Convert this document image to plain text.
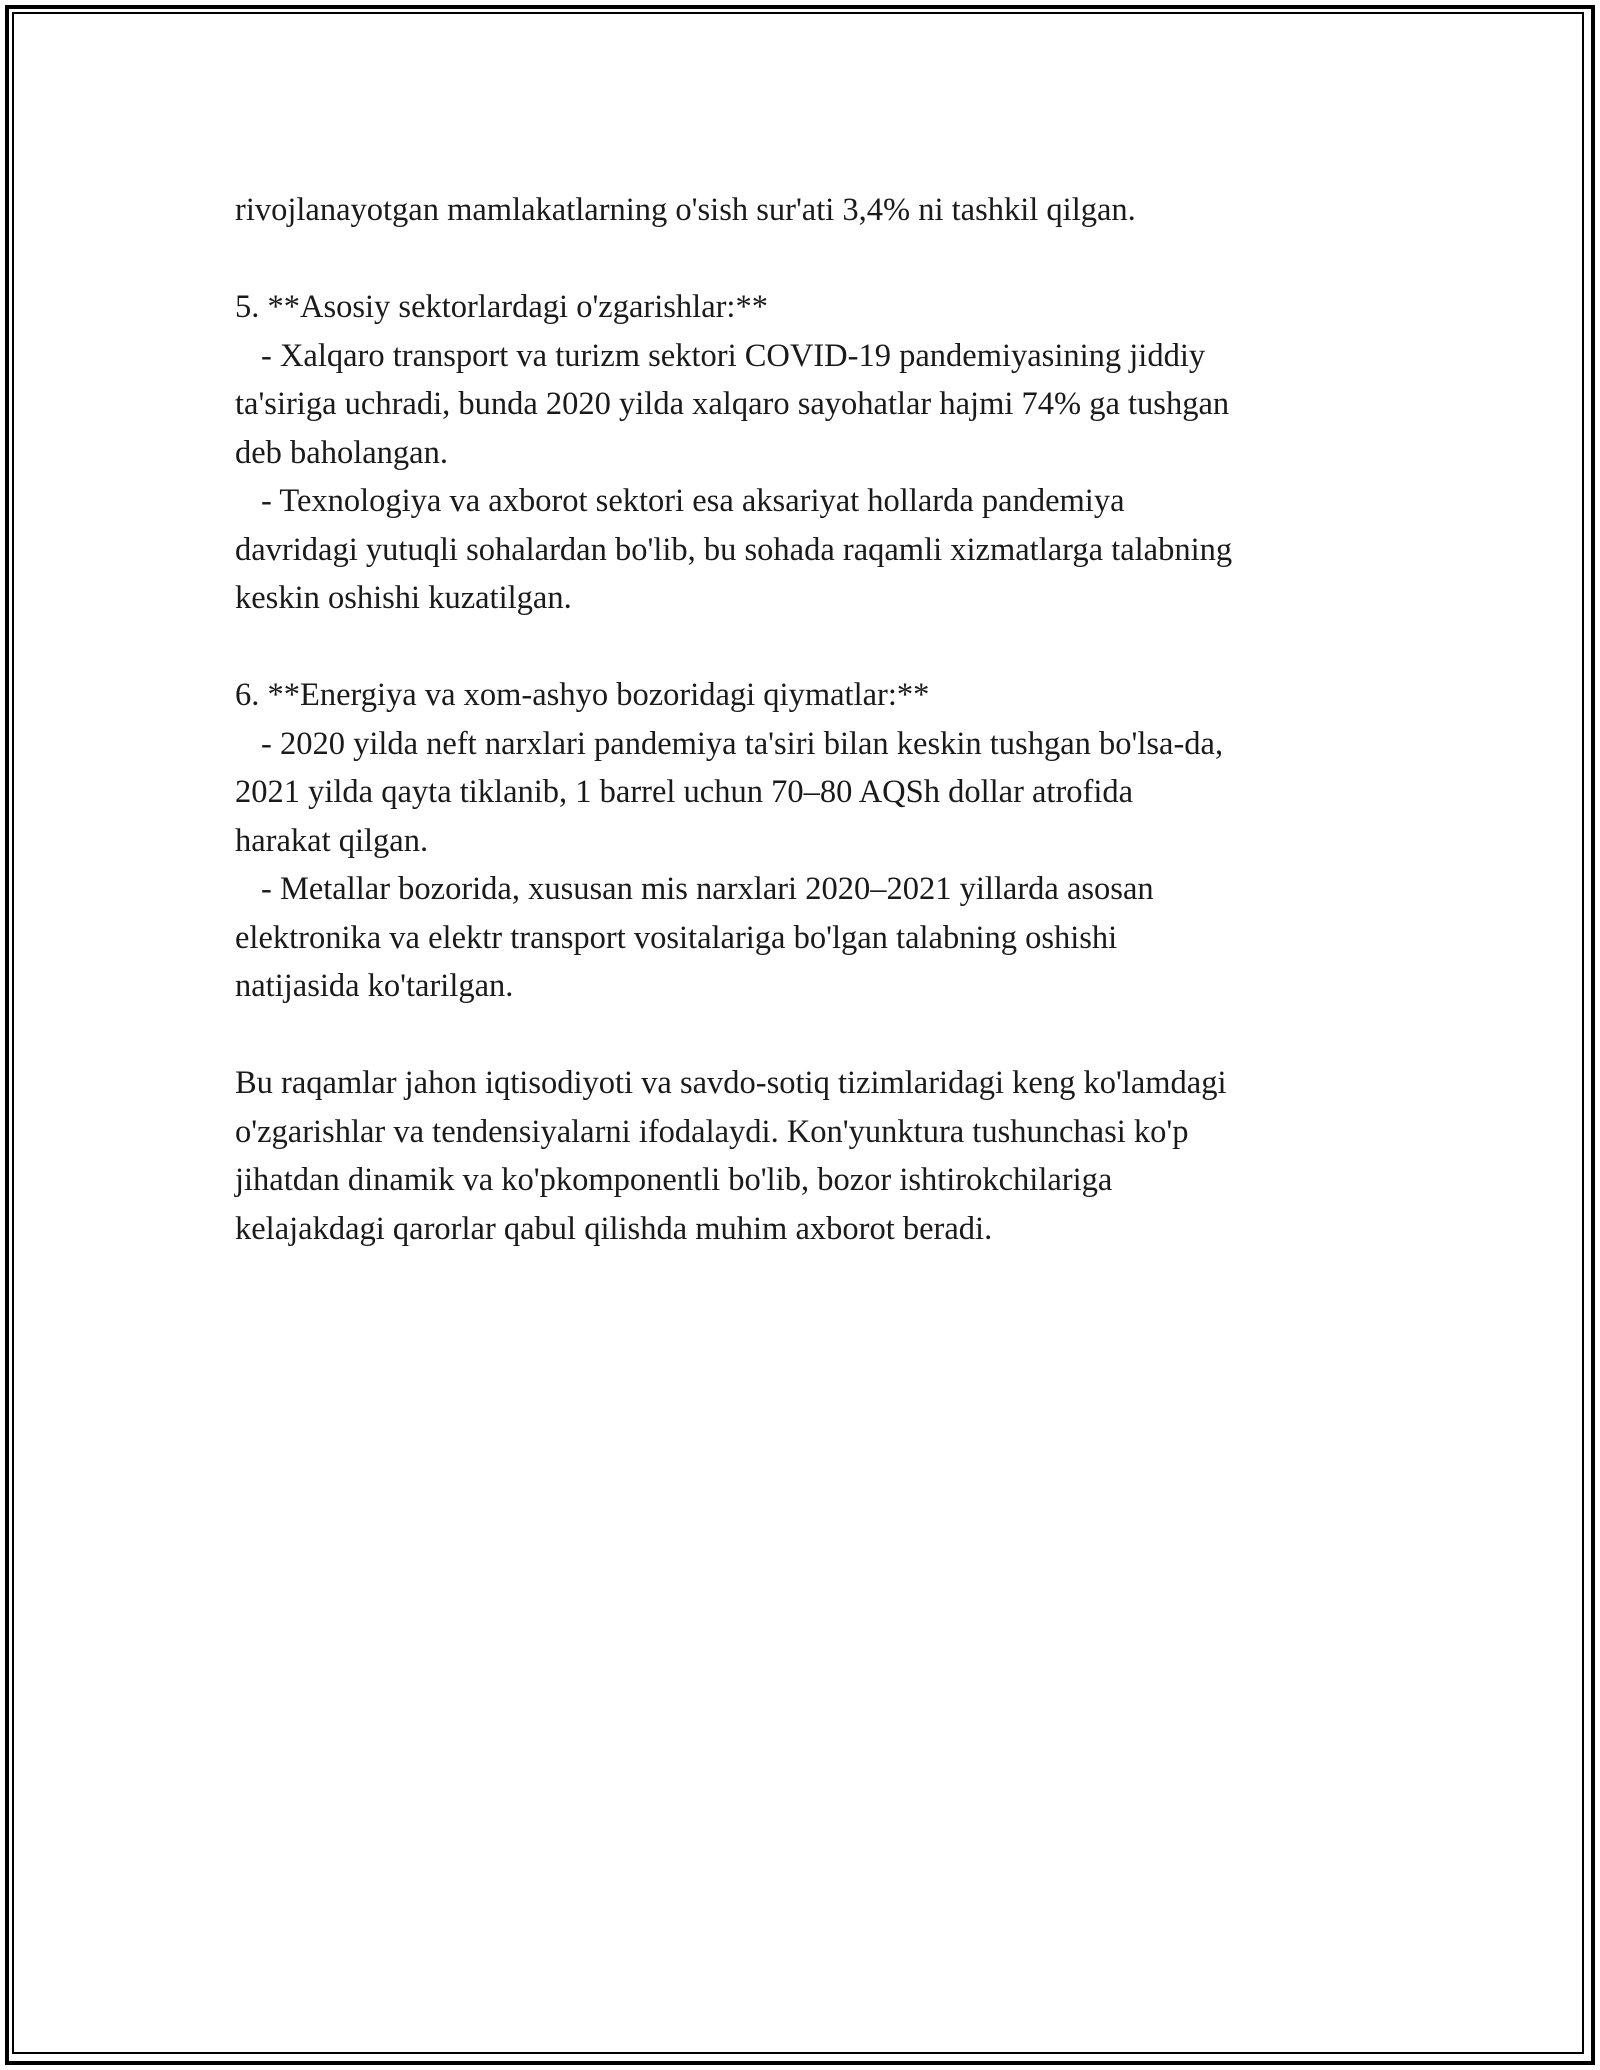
rivojlanayotgan mamlakatlarning o'sish sur'ati 3,4% ni tashkil qilgan.
5. **Asosiy sektorlardagi o'zgarishlar:**
- Xalqaro transport va turizm sektori COVID-19 pandemiyasining jiddiy
ta'siriga uchradi, bunda 2020 yilda xalqaro sayohatlar hajmi 74% ga tushgan
deb baholangan.
- Texnologiya va axborot sektori esa aksariyat hollarda pandemiya
davridagi yutuqli sohalardan bo'lib, bu sohada raqamli xizmatlarga talabning
keskin oshishi kuzatilgan.
6. **Energiya va xom-ashyo bozoridagi qiymatlar:**
- 2020 yilda neft narxlari pandemiya ta'siri bilan keskin tushgan bo'lsa-da,
2021 yilda qayta tiklanib, 1 barrel uchun 70–80 AQSh dollar atrofida
harakat qilgan.
- Metallar bozorida, xususan mis narxlari 2020–2021 yillarda asosan
elektronika va elektr transport vositalariga bo'lgan talabning oshishi
natijasida ko'tarilgan.
Bu raqamlar jahon iqtisodiyoti va savdo-sotiq tizimlaridagi keng ko'lamdagi
o'zgarishlar va tendensiyalarni ifodalaydi. Kon'yunktura tushunchasi ko'p
jihatdan dinamik va ko'pkomponentli bo'lib, bozor ishtirokchilariga
kelajakdagi qarorlar qabul qilishda muhim axborot beradi.
